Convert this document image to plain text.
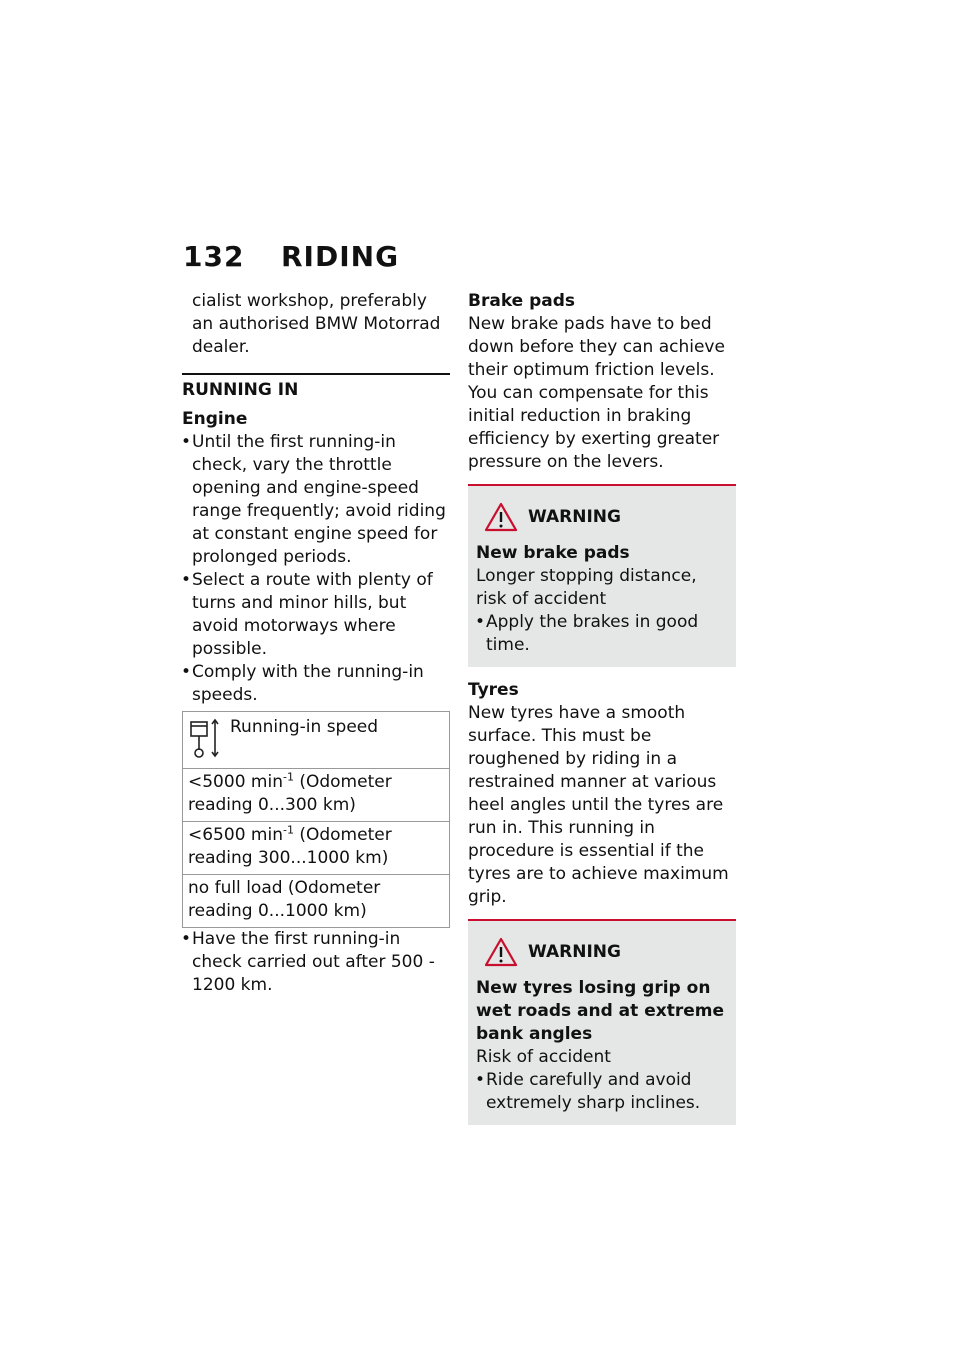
132 RIDING

cialist workshop, preferably an authorised BMW Motorrad dealer.

RUNNING IN
Engine
• Until the first running-in check, vary the throttle opening and engine-speed range frequently; avoid riding at constant engine speed for prolonged periods.
• Select a route with plenty of turns and minor hills, but avoid motorways where possible.
• Comply with the running-in speeds.
Running-in speed

<5000 $\min^{-1}$ (Odometer reading 0...300 km)
<6500 $\min^{-1}$ (Odometer reading 300...1000 km)
no full load (Odometer reading 0...1000 km)
• Have the first running-in check carried out after 500 - 1200 km.
Brake pads

New brake pads have to bed down before they can achieve their optimum friction levels. You can compensate for this initial reduction in braking efficiency by exerting greater pressure on the levers.

WARNING
New brake pads
Longer stopping distance, risk of accident
• Apply the brakes in good time.
Tyres

New tyres have a smooth surface. This must be roughened by riding in a restrained manner at various heel angles until the tyres are run in. This running in procedure is essential if the tyres are to achieve maximum grip.

WARNING
New tyres losing grip on wet roads and at extreme bank angles
Risk of accident
• Ride carefully and avoid extremely sharp inclines.
